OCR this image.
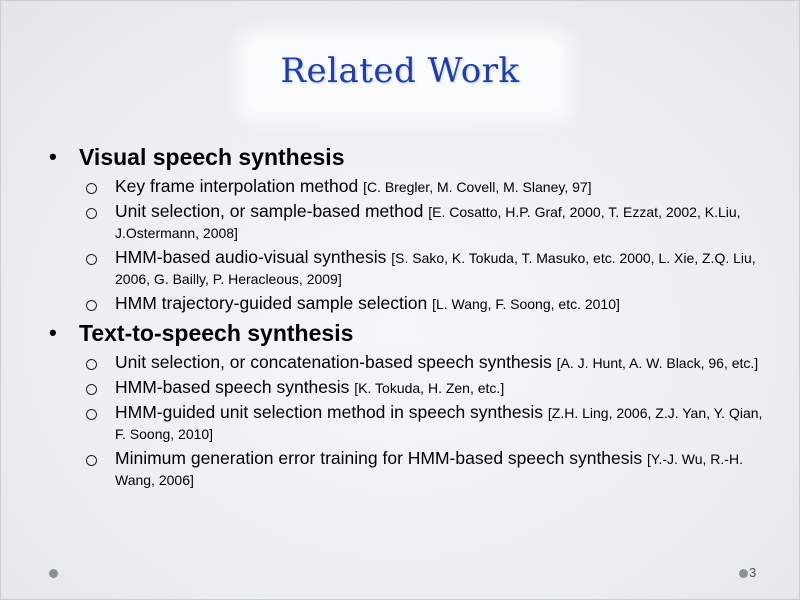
Related Work
• Visual speech synthesis
Key frame interpolation method [C. Bregler, M. Covell, M. Slaney, 97]
Unit selection, or sample-based method [E. Cosatto, H.P. Graf, 2000, T. Ezzat, 2002, K.Liu, J.Ostermann, 2008]
HMM-based audio-visual synthesis [S. Sako, K. Tokuda, T. Masuko, etc. 2000, L. Xie, Z.Q. Liu, 2006, G. Bailly, P. Heracleous, 2009]
HMM trajectory-guided sample selection [L. Wang, F. Soong, etc. 2010]
• Text-to-speech synthesis
Unit selection, or concatenation-based speech synthesis [A. J. Hunt, A. W. Black, 96, etc.]
HMM-based speech synthesis [K. Tokuda, H. Zen, etc.]
HMM-guided unit selection method in speech synthesis [Z.H. Ling, 2006, Z.J. Yan, Y. Qian, F. Soong, 2010]
Minimum generation error training for HMM-based speech synthesis [Y.-J. Wu, R.-H. Wang, 2006]
3
